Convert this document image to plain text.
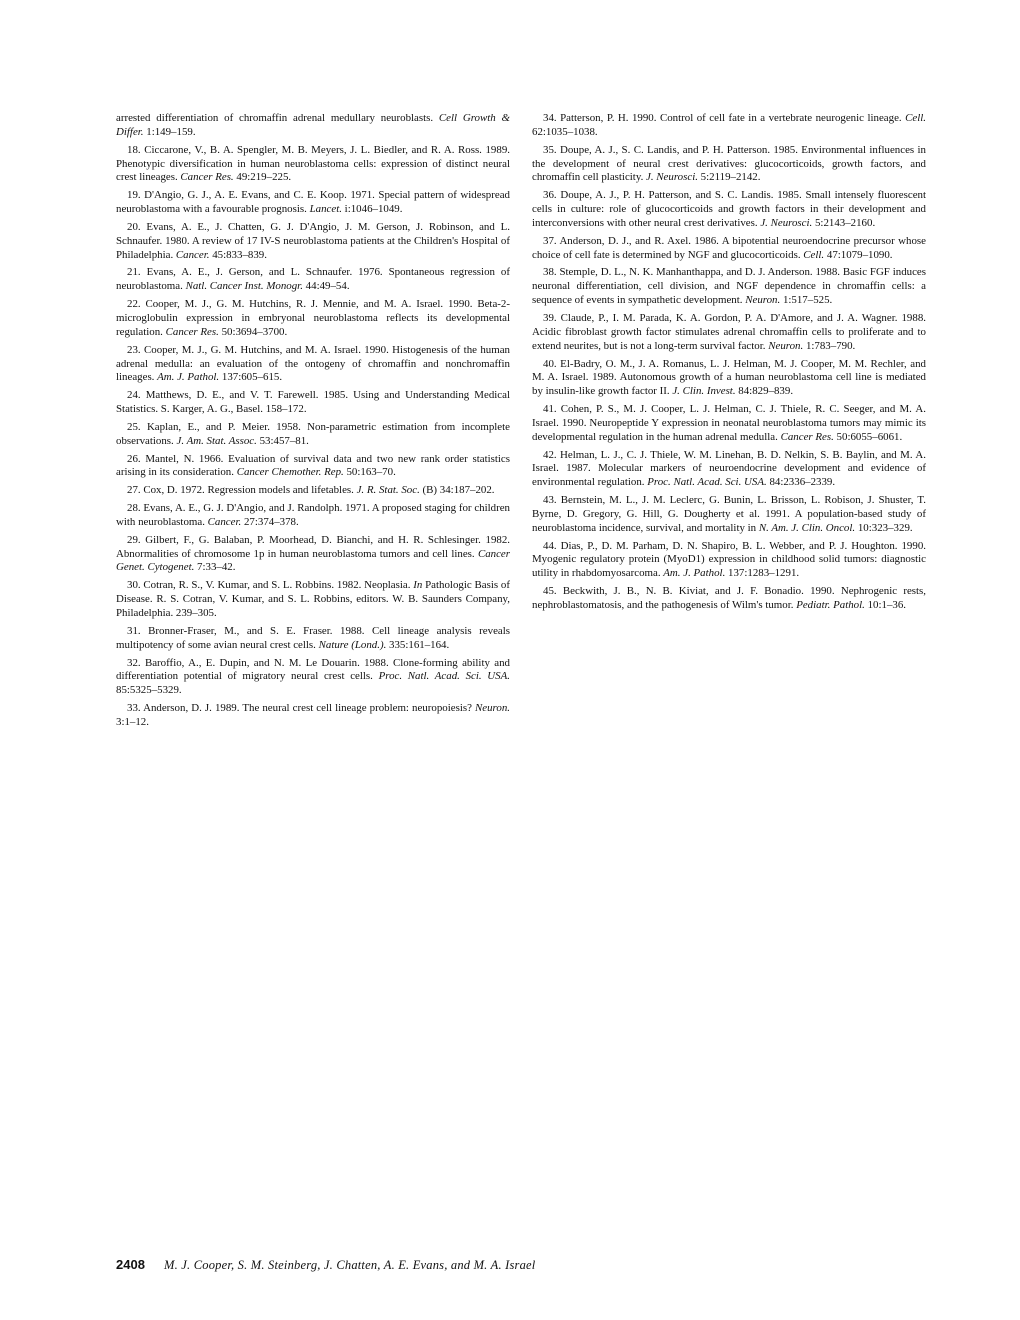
arrested differentiation of chromaffin adrenal medullary neuroblasts. Cell Growth & Differ. 1:149–159.

18. Ciccarone, V., B. A. Spengler, M. B. Meyers, J. L. Biedler, and R. A. Ross. 1989. Phenotypic diversification in human neuroblastoma cells: expression of distinct neural crest lineages. Cancer Res. 49:219–225.

19. D'Angio, G. J., A. E. Evans, and C. E. Koop. 1971. Special pattern of widespread neuroblastoma with a favourable prognosis. Lancet. i:1046–1049.

20. Evans, A. E., J. Chatten, G. J. D'Angio, J. M. Gerson, J. Robinson, and L. Schnaufer. 1980. A review of 17 IV-S neuroblastoma patients at the Children's Hospital of Philadelphia. Cancer. 45:833–839.

21. Evans, A. E., J. Gerson, and L. Schnaufer. 1976. Spontaneous regression of neuroblastoma. Natl. Cancer Inst. Monogr. 44:49–54.

22. Cooper, M. J., G. M. Hutchins, R. J. Mennie, and M. A. Israel. 1990. Beta-2-microglobulin expression in embryonal neuroblastoma reflects its developmental regulation. Cancer Res. 50:3694–3700.

23. Cooper, M. J., G. M. Hutchins, and M. A. Israel. 1990. Histogenesis of the human adrenal medulla: an evaluation of the ontogeny of chromaffin and nonchromaffin lineages. Am. J. Pathol. 137:605–615.

24. Matthews, D. E., and V. T. Farewell. 1985. Using and Understanding Medical Statistics. S. Karger, A. G., Basel. 158–172.

25. Kaplan, E., and P. Meier. 1958. Non-parametric estimation from incomplete observations. J. Am. Stat. Assoc. 53:457–81.

26. Mantel, N. 1966. Evaluation of survival data and two new rank order statistics arising in its consideration. Cancer Chemother. Rep. 50:163–70.

27. Cox, D. 1972. Regression models and lifetables. J. R. Stat. Soc. (B) 34:187–202.

28. Evans, A. E., G. J. D'Angio, and J. Randolph. 1971. A proposed staging for children with neuroblastoma. Cancer. 27:374–378.

29. Gilbert, F., G. Balaban, P. Moorhead, D. Bianchi, and H. R. Schlesinger. 1982. Abnormalities of chromosome 1p in human neuroblastoma tumors and cell lines. Cancer Genet. Cytogenet. 7:33–42.

30. Cotran, R. S., V. Kumar, and S. L. Robbins. 1982. Neoplasia. In Pathologic Basis of Disease. R. S. Cotran, V. Kumar, and S. L. Robbins, editors. W. B. Saunders Company, Philadelphia. 239–305.

31. Bronner-Fraser, M., and S. E. Fraser. 1988. Cell lineage analysis reveals multipotency of some avian neural crest cells. Nature (Lond.). 335:161–164.

32. Baroffio, A., E. Dupin, and N. M. Le Douarin. 1988. Clone-forming ability and differentiation potential of migratory neural crest cells. Proc. Natl. Acad. Sci. USA. 85:5325–5329.

33. Anderson, D. J. 1989. The neural crest cell lineage problem: neuropoiesis? Neuron. 3:1–12.

34. Patterson, P. H. 1990. Control of cell fate in a vertebrate neurogenic lineage. Cell. 62:1035–1038.

35. Doupe, A. J., S. C. Landis, and P. H. Patterson. 1985. Environmental influences in the development of neural crest derivatives: glucocorticoids, growth factors, and chromaffin cell plasticity. J. Neurosci. 5:2119–2142.

36. Doupe, A. J., P. H. Patterson, and S. C. Landis. 1985. Small intensely fluorescent cells in culture: role of glucocorticoids and growth factors in their development and interconversions with other neural crest derivatives. J. Neurosci. 5:2143–2160.

37. Anderson, D. J., and R. Axel. 1986. A bipotential neuroendocrine precursor whose choice of cell fate is determined by NGF and glucocorticoids. Cell. 47:1079–1090.

38. Stemple, D. L., N. K. Manhanthappa, and D. J. Anderson. 1988. Basic FGF induces neuronal differentiation, cell division, and NGF dependence in chromaffin cells: a sequence of events in sympathetic development. Neuron. 1:517–525.

39. Claude, P., I. M. Parada, K. A. Gordon, P. A. D'Amore, and J. A. Wagner. 1988. Acidic fibroblast growth factor stimulates adrenal chromaffin cells to proliferate and to extend neurites, but is not a long-term survival factor. Neuron. 1:783–790.

40. El-Badry, O. M., J. A. Romanus, L. J. Helman, M. J. Cooper, M. M. Rechler, and M. A. Israel. 1989. Autonomous growth of a human neuroblastoma cell line is mediated by insulin-like growth factor II. J. Clin. Invest. 84:829–839.

41. Cohen, P. S., M. J. Cooper, L. J. Helman, C. J. Thiele, R. C. Seeger, and M. A. Israel. 1990. Neuropeptide Y expression in neonatal neuroblastoma tumors may mimic its developmental regulation in the human adrenal medulla. Cancer Res. 50:6055–6061.

42. Helman, L. J., C. J. Thiele, W. M. Linehan, B. D. Nelkin, S. B. Baylin, and M. A. Israel. 1987. Molecular markers of neuroendocrine development and evidence of environmental regulation. Proc. Natl. Acad. Sci. USA. 84:2336–2339.

43. Bernstein, M. L., J. M. Leclerc, G. Bunin, L. Brisson, L. Robison, J. Shuster, T. Byrne, D. Gregory, G. Hill, G. Dougherty et al. 1991. A population-based study of neuroblastoma incidence, survival, and mortality in N. Am. J. Clin. Oncol. 10:323–329.

44. Dias, P., D. M. Parham, D. N. Shapiro, B. L. Webber, and P. J. Houghton. 1990. Myogenic regulatory protein (MyoD1) expression in childhood solid tumors: diagnostic utility in rhabdomyosarcoma. Am. J. Pathol. 137:1283–1291.

45. Beckwith, J. B., N. B. Kiviat, and J. F. Bonadio. 1990. Nephrogenic rests, nephroblastomatosis, and the pathogenesis of Wilm's tumor. Pediatr. Pathol. 10:1–36.

2408 M. J. Cooper, S. M. Steinberg, J. Chatten, A. E. Evans, and M. A. Israel
